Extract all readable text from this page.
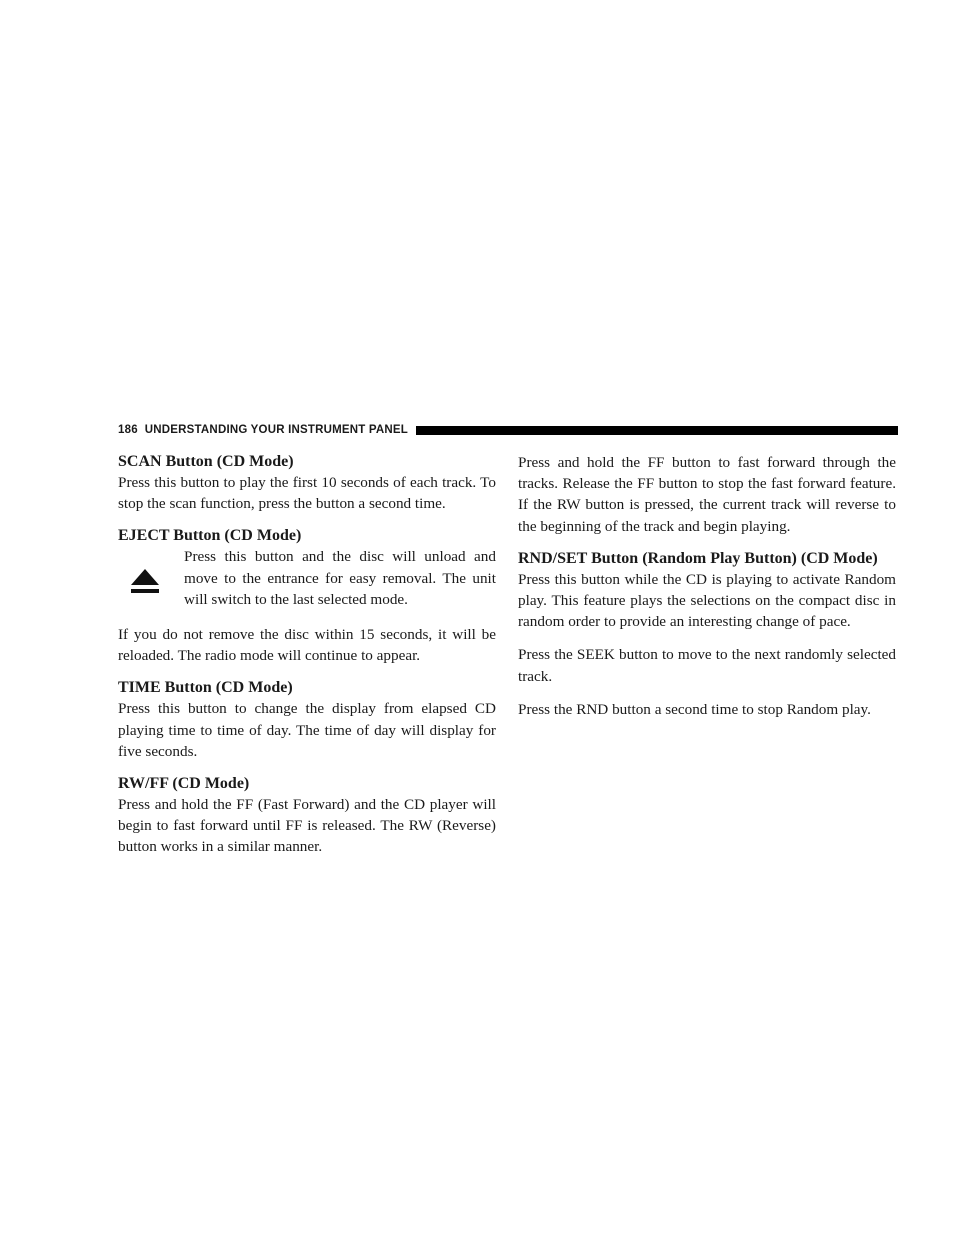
186 UNDERSTANDING YOUR INSTRUMENT PANEL
SCAN Button (CD Mode)

Press this button to play the first 10 seconds of each track. To stop the scan function, press the button a second time.

EJECT Button (CD Mode)

Press this button and the disc will unload and move to the entrance for easy removal. The unit will switch to the last selected mode.

If you do not remove the disc within 15 seconds, it will be reloaded. The radio mode will continue to appear.

TIME Button (CD Mode)

Press this button to change the display from elapsed CD playing time to time of day. The time of day will display for five seconds.

RW/FF (CD Mode)

Press and hold the FF (Fast Forward) and the CD player will begin to fast forward until FF is released. The RW (Reverse) button works in a similar manner.

Press and hold the FF button to fast forward through the tracks. Release the FF button to stop the fast forward feature. If the RW button is pressed, the current track will reverse to the beginning of the track and begin playing.

RND/SET Button (Random Play Button) (CD Mode)

Press this button while the CD is playing to activate Random play. This feature plays the selections on the compact disc in random order to provide an interesting change of pace.

Press the SEEK button to move to the next randomly selected track.

Press the RND button a second time to stop Random play.
